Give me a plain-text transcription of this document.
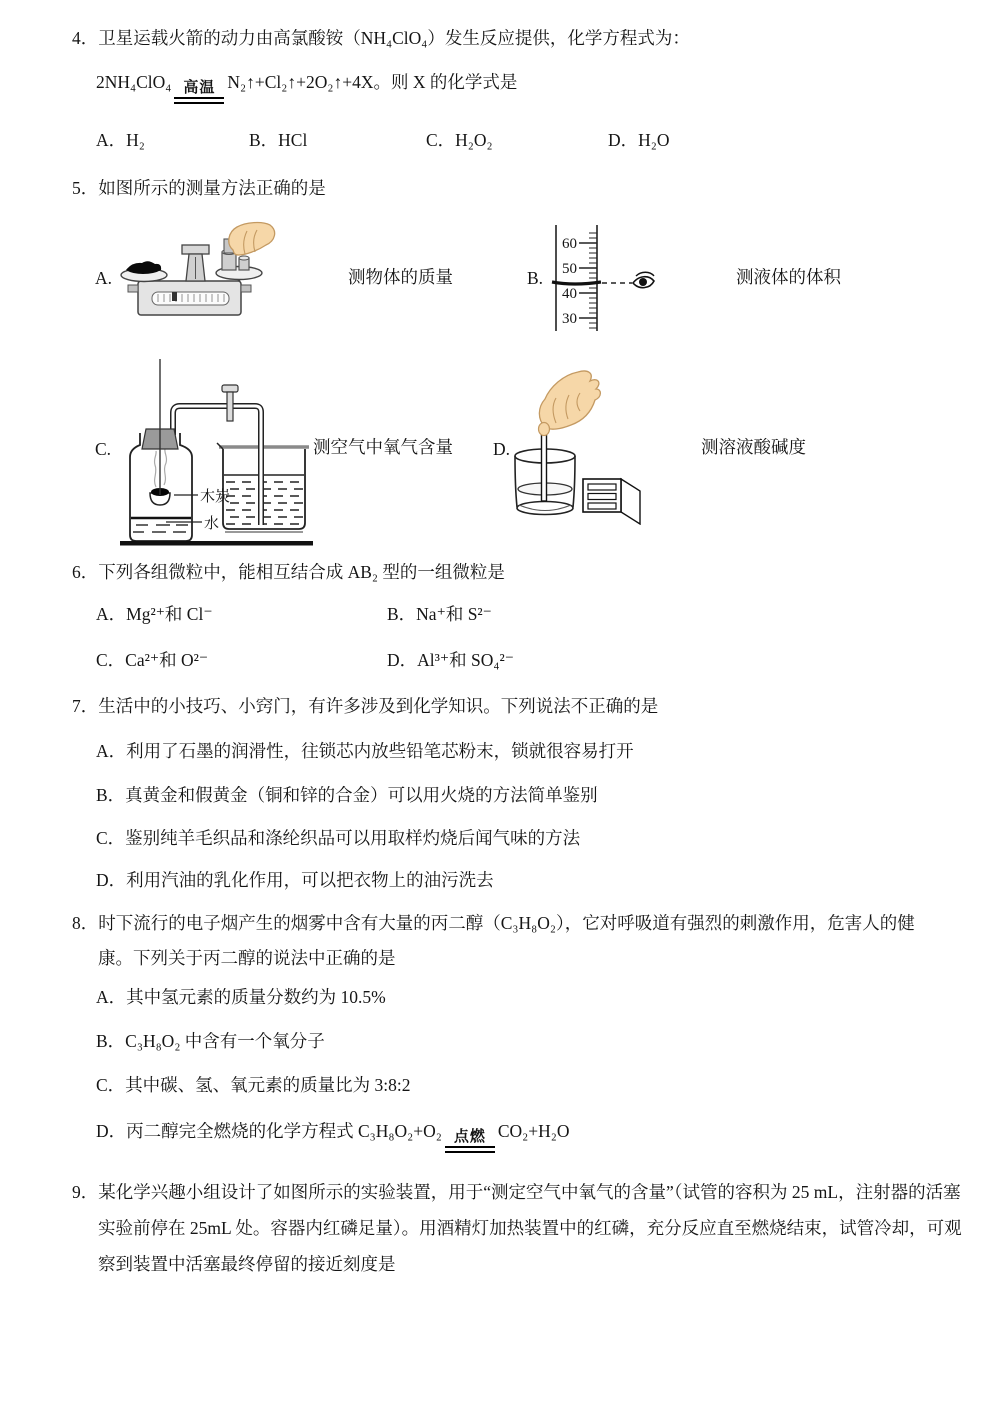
4．卫星运载火箭的动力由高氯酸铵（NH₄ClO₄）发生反应提供，化学方程式为：
2NH₄ClO₄ 高温 N₂↑+Cl₂↑+2O₂↑+4X。则 X 的化学式是
A．H₂	B．HCl	C．H₂O₂	D．H₂O
5．如图所示的测量方法正确的是
A.	测物体的质量	B.
60
50
40
30
测液体的体积
C.
木炭
水
测空气中氧气含量 D.	测溶液酸碱度
6．下列各组微粒中，能相互结合成 AB₂ 型的一组微粒是
A．Mg²⁺和 Cl⁻	B．Na⁺和 S²⁻
C．Ca²⁺和 O²⁻	D．Al³⁺和 SO₄²⁻
7．生活中的小技巧、小窍门，有许多涉及到化学知识。下列说法不正确的是
A．利用了石墨的润滑性，往锁芯内放些铅笔芯粉末，锁就很容易打开
B．真黄金和假黄金（铜和锌的合金）可以用火烧的方法简单鉴别
C．鉴别纯羊毛织品和涤纶织品可以用取样灼烧后闻气味的方法
D．利用汽油的乳化作用，可以把衣物上的油污洗去
8．时下流行的电子烟产生的烟雾中含有大量的丙二醇（C₃H₈O₂），它对呼吸道有强烈的刺激作用，危害人的健康。下列关于丙二醇的说法中正确的是
A．其中氢元素的质量分数约为 10.5%
B．C₃H₈O₂ 中含有一个氧分子
C．其中碳、氢、氧元素的质量比为 3:8:2
D．丙二醇完全燃烧的化学方程式 C₃H₈O₂+O₂ 点燃 CO₂+H₂O
9．某化学兴趣小组设计了如图所示的实验装置，用于“测定空气中氧气的含量”（试管的容积为 25 mL，注射器的活塞实验前停在 25mL 处。容器内红磷足量）。用酒精灯加热装置中的红磷，充分反应直至燃烧结束，试管冷却，可观察到装置中活塞最终停留的接近刻度是
